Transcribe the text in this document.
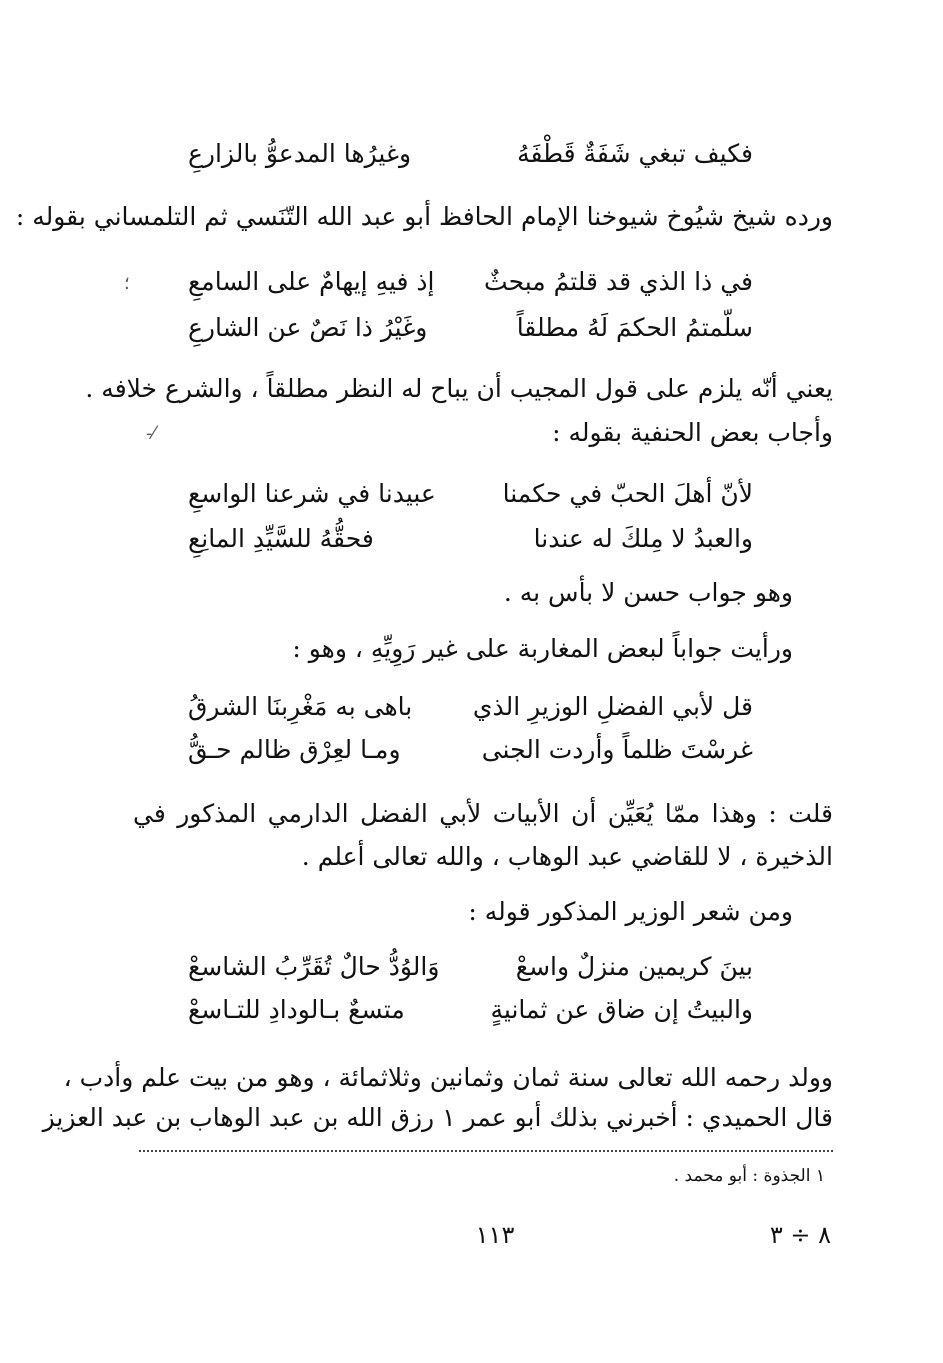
فكيف تبغي شَفَةٌ قَطْفَهُ
وغيرُها المدعوُّ بالزارعِ
ورده شيخ شيُوخ شيوخنا الإمام الحافظ أبو عبد الله التّنَسي ثم التلمساني بقوله :
في ذا الذي قد قلتمُ مبحثٌ
إذ فيهِ إيهامٌ على السامعِ
سلّمتمُ الحكمَ لَهُ مطلقاً
وغَيْرُ ذا نَصٌ عن الشارعِ
؛
يعني أنّه يلزم على قول المجيب أن يباح له النظر مطلقاً ، والشرع خلافه .
وأجاب بعض الحنفية بقوله :
-⁄
لأنّ أهلَ الحبّ في حكمنا
عبيدنا في شرعنا الواسعِ
والعبدُ لا مِلكَ له عندنا
فحقُّهُ للسَّيِّدِ المانِعِ
وهو جواب حسن لا بأس به .
ورأيت جواباً لبعض المغاربة على غير رَوِيِّهِ ، وهو :
قل لأبي الفضلِ الوزيرِ الذي
باهى به مَغْرِبنَا الشرقُ
غرسْتَ ظلماً وأردت الجنى
ومـا لعِرْق ظالم حـقُّ
قلت : وهذا ممّا يُعَيِّن أن الأبيات لأبي الفضل الدارمي المذكور في
الذخيرة ، لا للقاضي عبد الوهاب ، والله تعالى أعلم .
ومن شعر الوزير المذكور قوله :
بينَ كريمين منزلٌ واسعْ
وَالوُدُّ حالٌ تُقَرِّبُ الشاسعْ
والبيتُ إن ضاق عن ثمانيةٍ
متسعٌ بـالودادِ للتـاسعْ
وولد رحمه الله تعالى سنة ثمان وثمانين وثلاثمائة ، وهو من بيت علم وأدب ،
قال الحميدي : أخبرني بذلك أبو عمر ١ رزق الله بن عبد الوهاب بن عبد العزيز
١ الجذوة : أبو محمد .
١١٣	٨ ÷ ٣
